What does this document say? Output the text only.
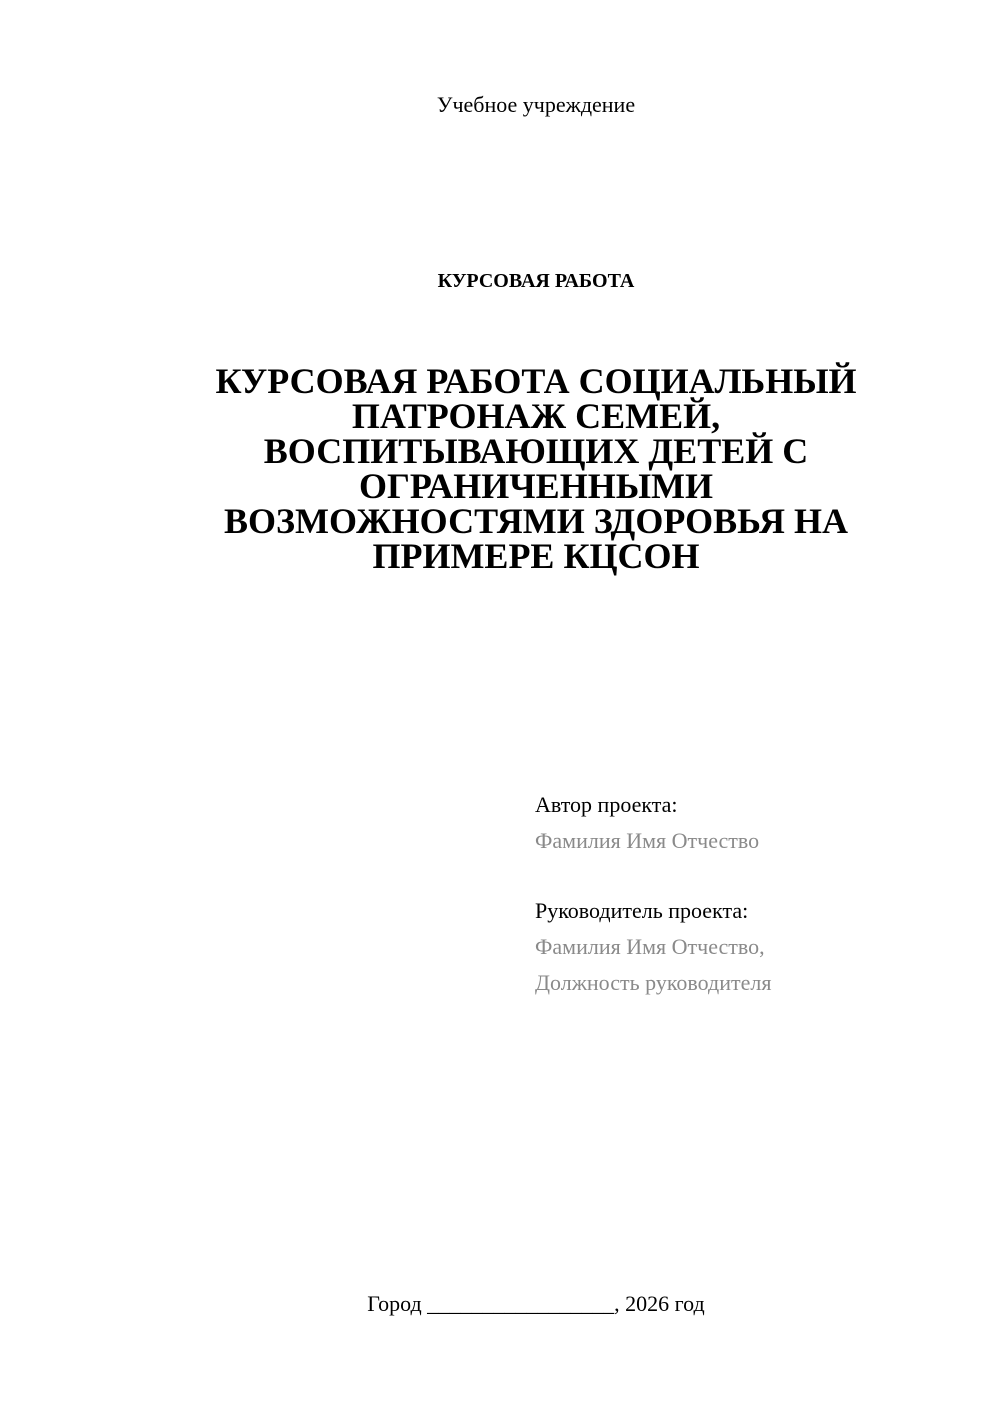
Учебное учреждение
КУРСОВАЯ РАБОТА
КУРСОВАЯ РАБОТА СОЦИАЛЬНЫЙ
ПАТРОНАЖ СЕМЕЙ,
ВОСПИТЫВАЮЩИХ ДЕТЕЙ С
ОГРАНИЧЕННЫМИ
ВОЗМОЖНОСТЯМИ ЗДОРОВЬЯ НА
ПРИМЕРЕ КЦСОН
Автор проекта:
Фамилия Имя Отчество
Руководитель проекта:
Фамилия Имя Отчество,
Должность руководителя
Город _________________, 2026 год
